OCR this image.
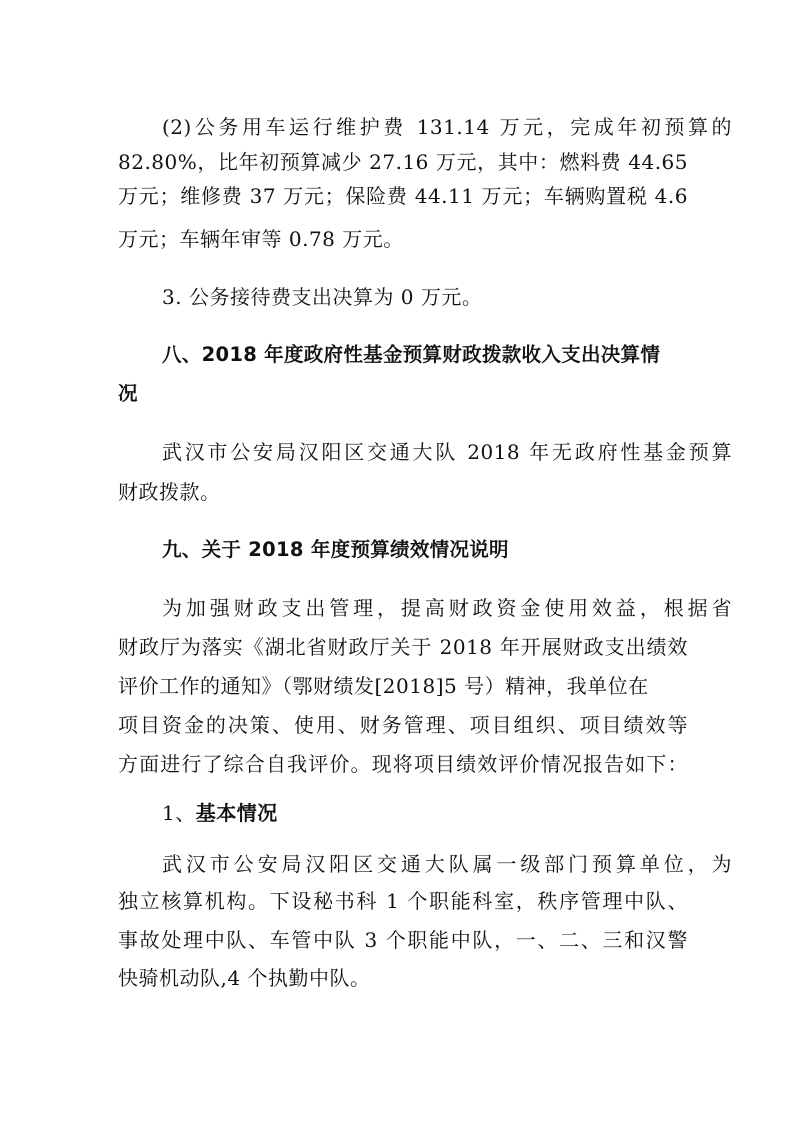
(2)公务用车运行维护费 131.14 万元，完成年初预算的
82.80%，比年初预算减少 27.16 万元，其中：燃料费 44.65
万元；维修费 37 万元；保险费 44.11 万元；车辆购置税 4.6
万元；车辆年审等 0.78 万元。
3. 公务接待费支出决算为 0 万元。
八、2018 年度政府性基金预算财政拨款收入支出决算情
况
武汉市公安局汉阳区交通大队 2018 年无政府性基金预算
财政拨款。
九、关于 2018 年度预算绩效情况说明
为加强财政支出管理，提高财政资金使用效益，根据省
财政厅为落实《湖北省财政厅关于 2018 年开展财政支出绩效
评价工作的通知》（鄂财绩发[2018]5 号）精神，我单位在
项目资金的决策、使用、财务管理、项目组织、项目绩效等
方面进行了综合自我评价。现将项目绩效评价情况报告如下：
1、基本情况
武汉市公安局汉阳区交通大队属一级部门预算单位，为
独立核算机构。下设秘书科 1 个职能科室，秩序管理中队、
事故处理中队、车管中队 3 个职能中队，一、二、三和汉警
快骑机动队,4 个执勤中队。
